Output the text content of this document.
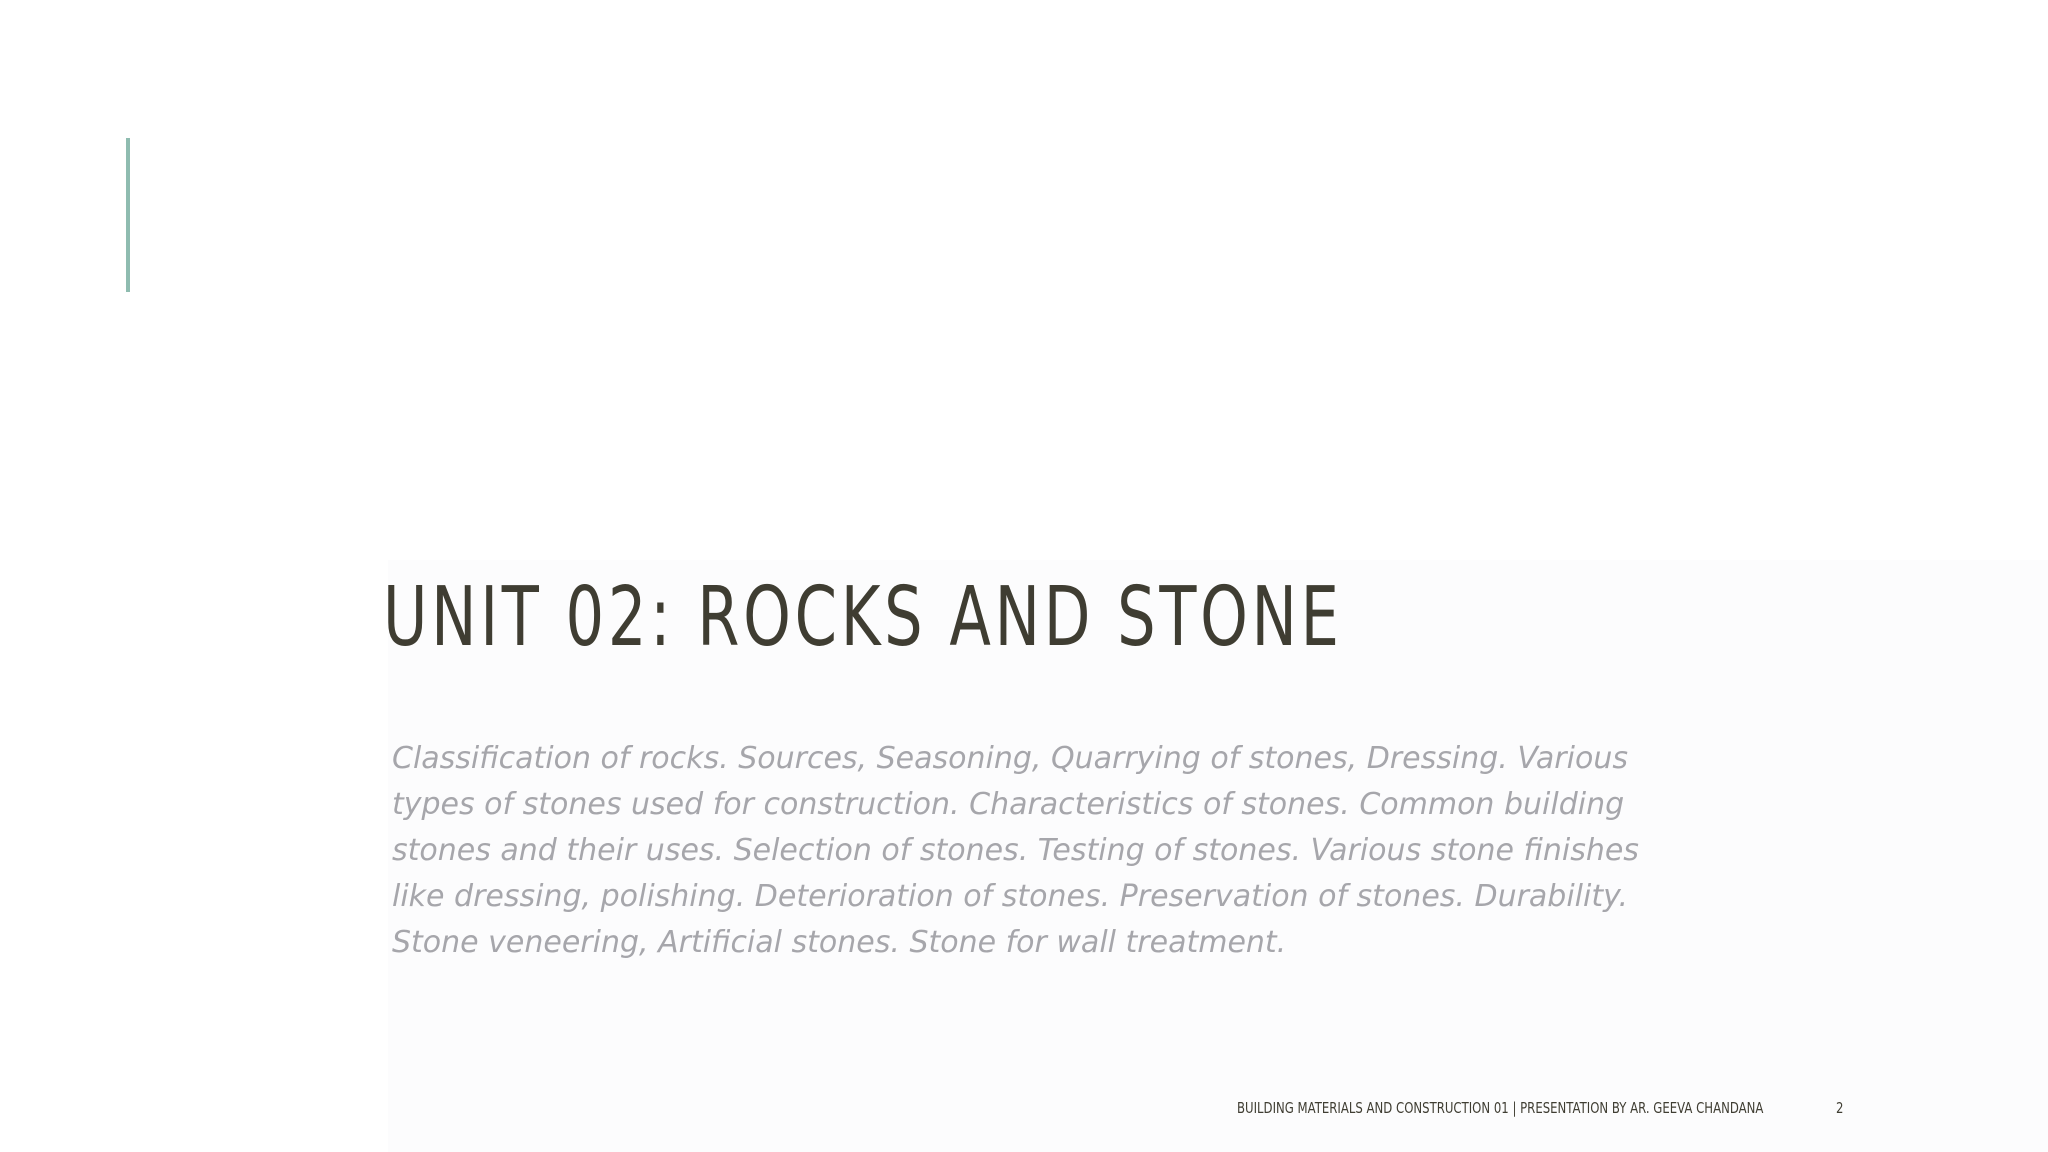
UNIT 02: ROCKS AND STONE

Classification of rocks. Sources, Seasoning, Quarrying of stones, Dressing. Various types of stones used for construction. Characteristics of stones. Common building stones and their uses. Selection of stones. Testing of stones. Various stone finishes like dressing, polishing. Deterioration of stones. Preservation of stones. Durability. Stone veneering, Artificial stones. Stone for wall treatment.

BUILDING MATERIALS AND CONSTRUCTION 01 | PRESENTATION BY AR. GEEVA CHANDANA	2
